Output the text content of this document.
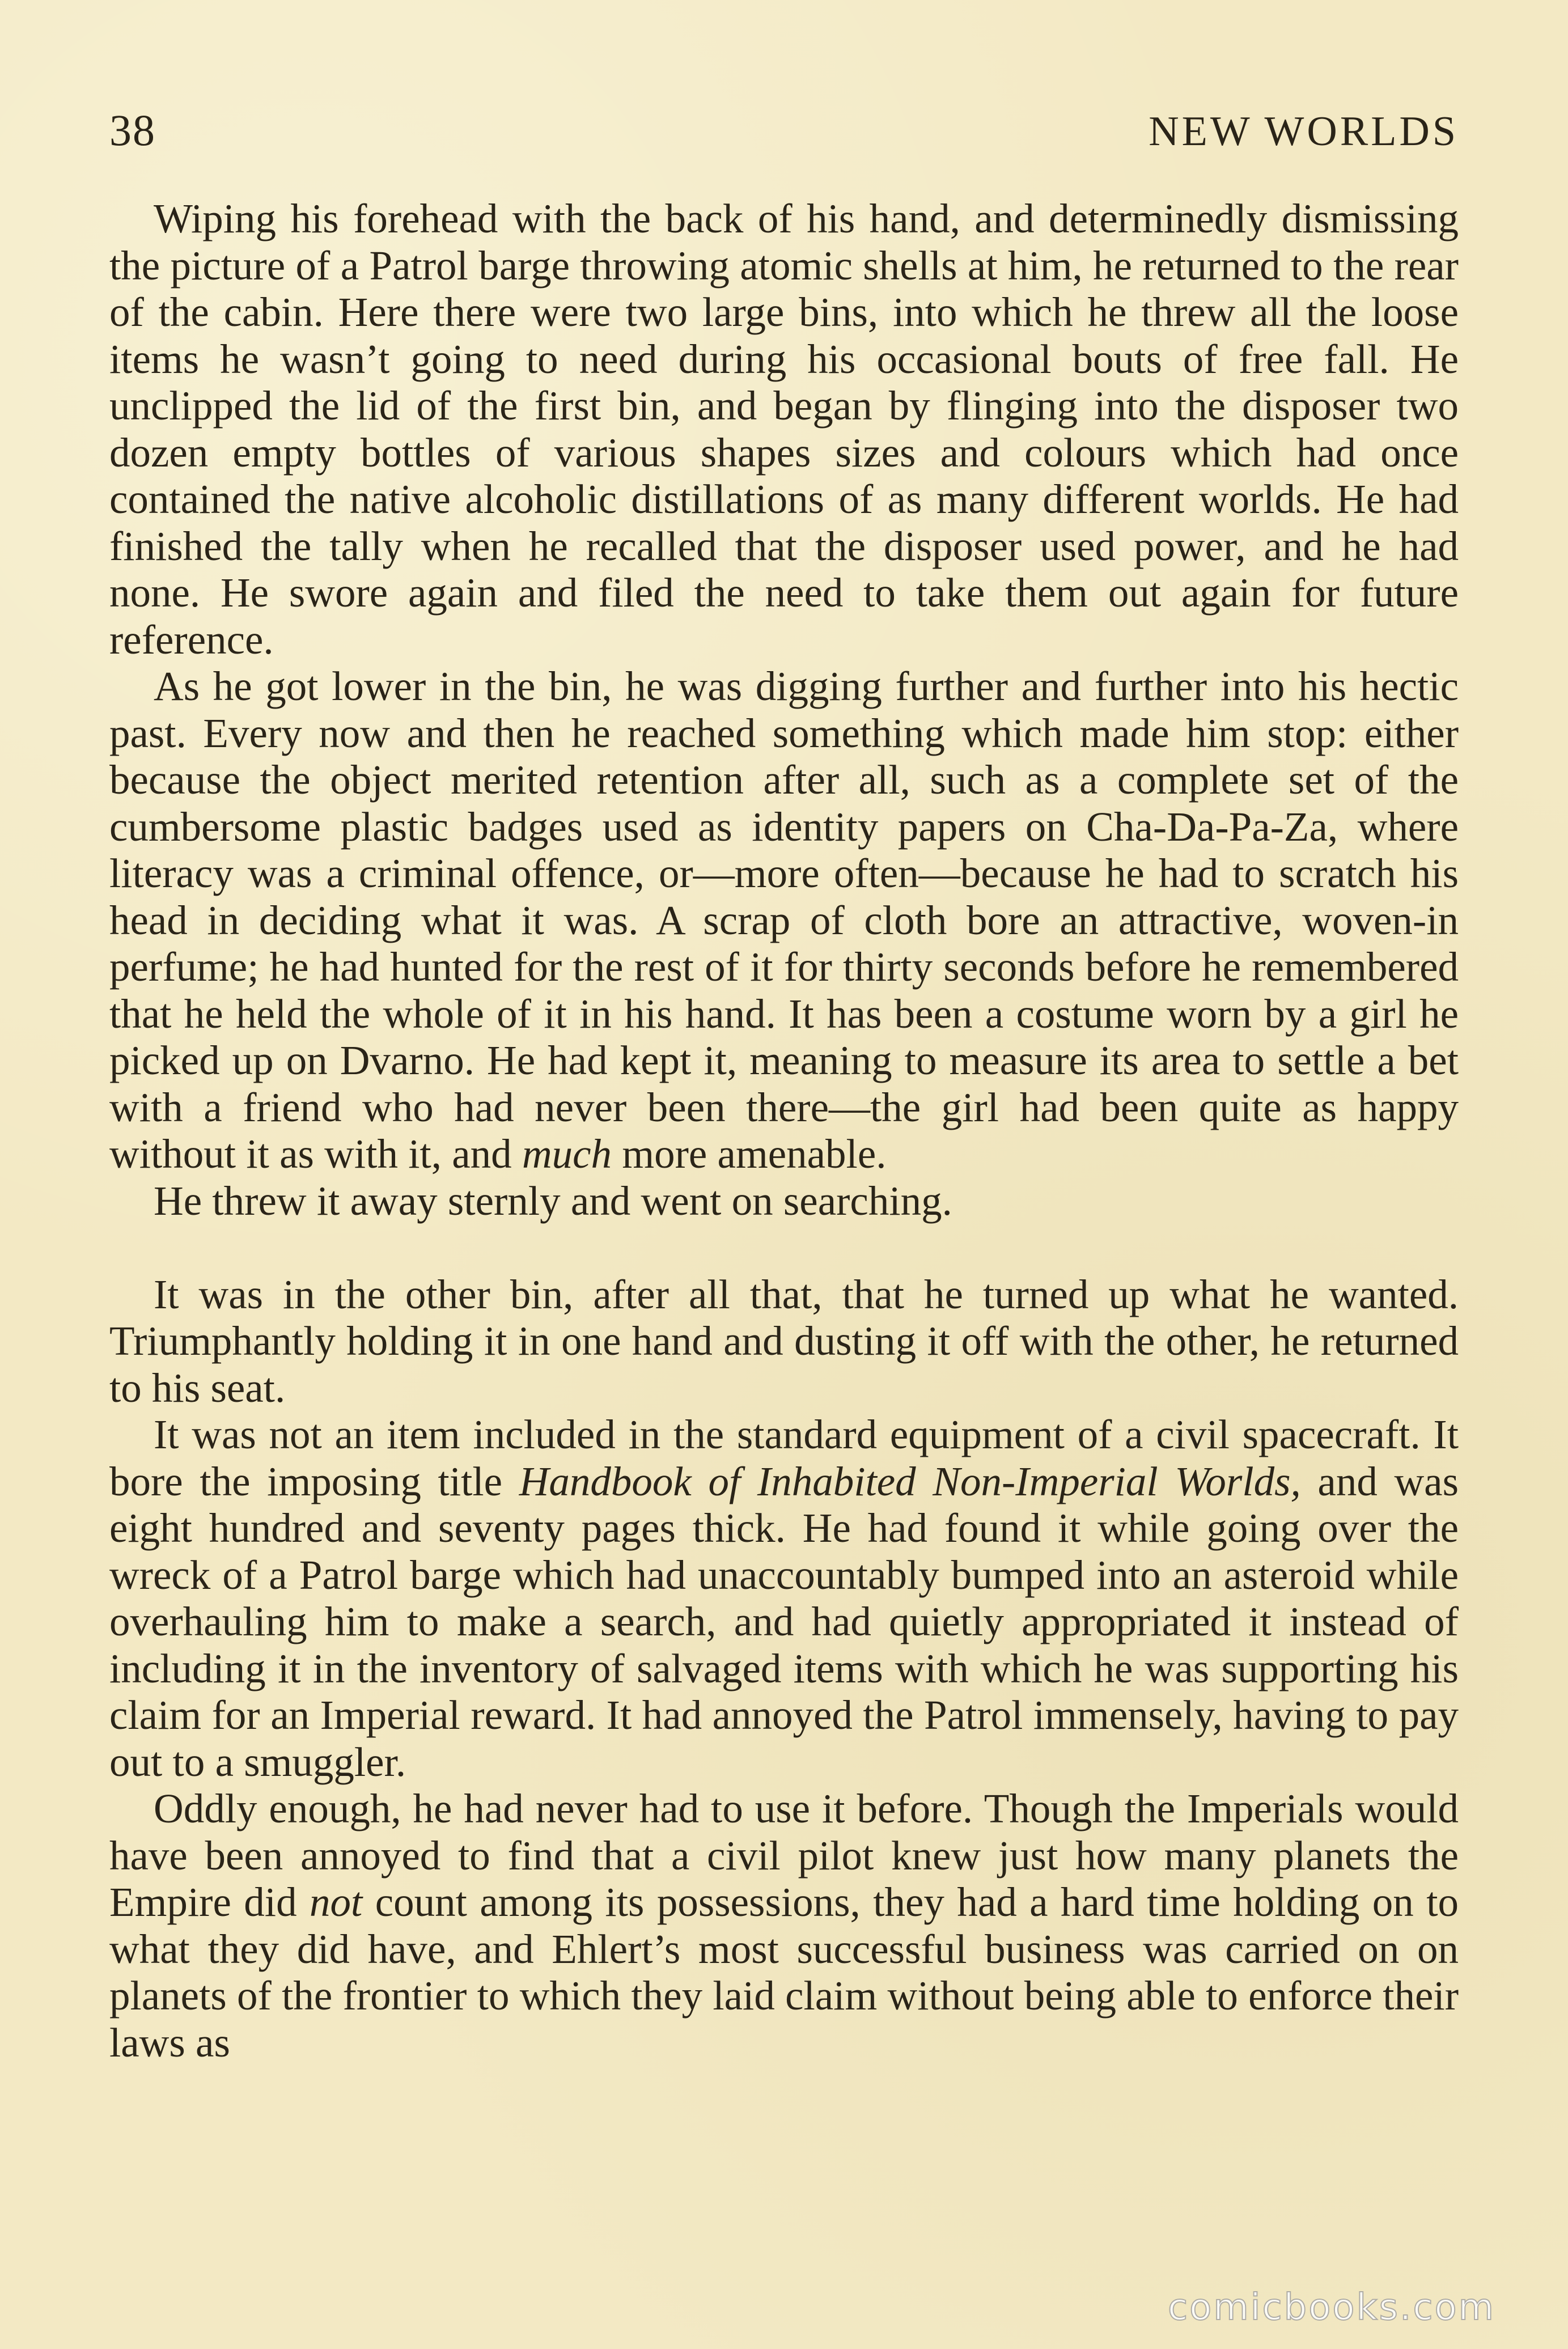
38	NEW WORLDS

Wiping his forehead with the back of his hand, and determinedly dismissing the picture of a Patrol barge throwing atomic shells at him, he returned to the rear of the cabin. Here there were two large bins, into which he threw all the loose items he wasn’t going to need during his occasional bouts of free fall. He unclipped the lid of the first bin, and began by flinging into the disposer two dozen empty bottles of various shapes sizes and colours which had once contained the native alcoholic distillations of as many different worlds. He had finished the tally when he recalled that the disposer used power, and he had none. He swore again and filed the need to take them out again for future reference.

As he got lower in the bin, he was digging further and further into his hectic past. Every now and then he reached something which made him stop: either because the object merited retention after all, such as a complete set of the cumbersome plastic badges used as identity papers on Cha-Da-Pa-Za, where literacy was a criminal offence, or—more often—because he had to scratch his head in deciding what it was. A scrap of cloth bore an attractive, woven-in perfume; he had hunted for the rest of it for thirty seconds before he remembered that he held the whole of it in his hand. It has been a costume worn by a girl he picked up on Dvarno. He had kept it, meaning to measure its area to settle a bet with a friend who had never been there—the girl had been quite as happy without it as with it, and much more amenable.

He threw it away sternly and went on searching.

It was in the other bin, after all that, that he turned up what he wanted. Triumphantly holding it in one hand and dusting it off with the other, he returned to his seat.

It was not an item included in the standard equipment of a civil spacecraft. It bore the imposing title Handbook of Inhabited Non-Imperial Worlds, and was eight hundred and seventy pages thick. He had found it while going over the wreck of a Patrol barge which had unaccountably bumped into an asteroid while overhauling him to make a search, and had quietly appropriated it instead of including it in the inventory of salvaged items with which he was supporting his claim for an Imperial reward. It had annoyed the Patrol immensely, having to pay out to a smuggler.

Oddly enough, he had never had to use it before. Though the Imperials would have been annoyed to find that a civil pilot knew just how many planets the Empire did not count among its possessions, they had a hard time holding on to what they did have, and Ehlert’s most successful business was carried on on planets of the frontier to which they laid claim without being able to enforce their laws as

comicbooks.com
